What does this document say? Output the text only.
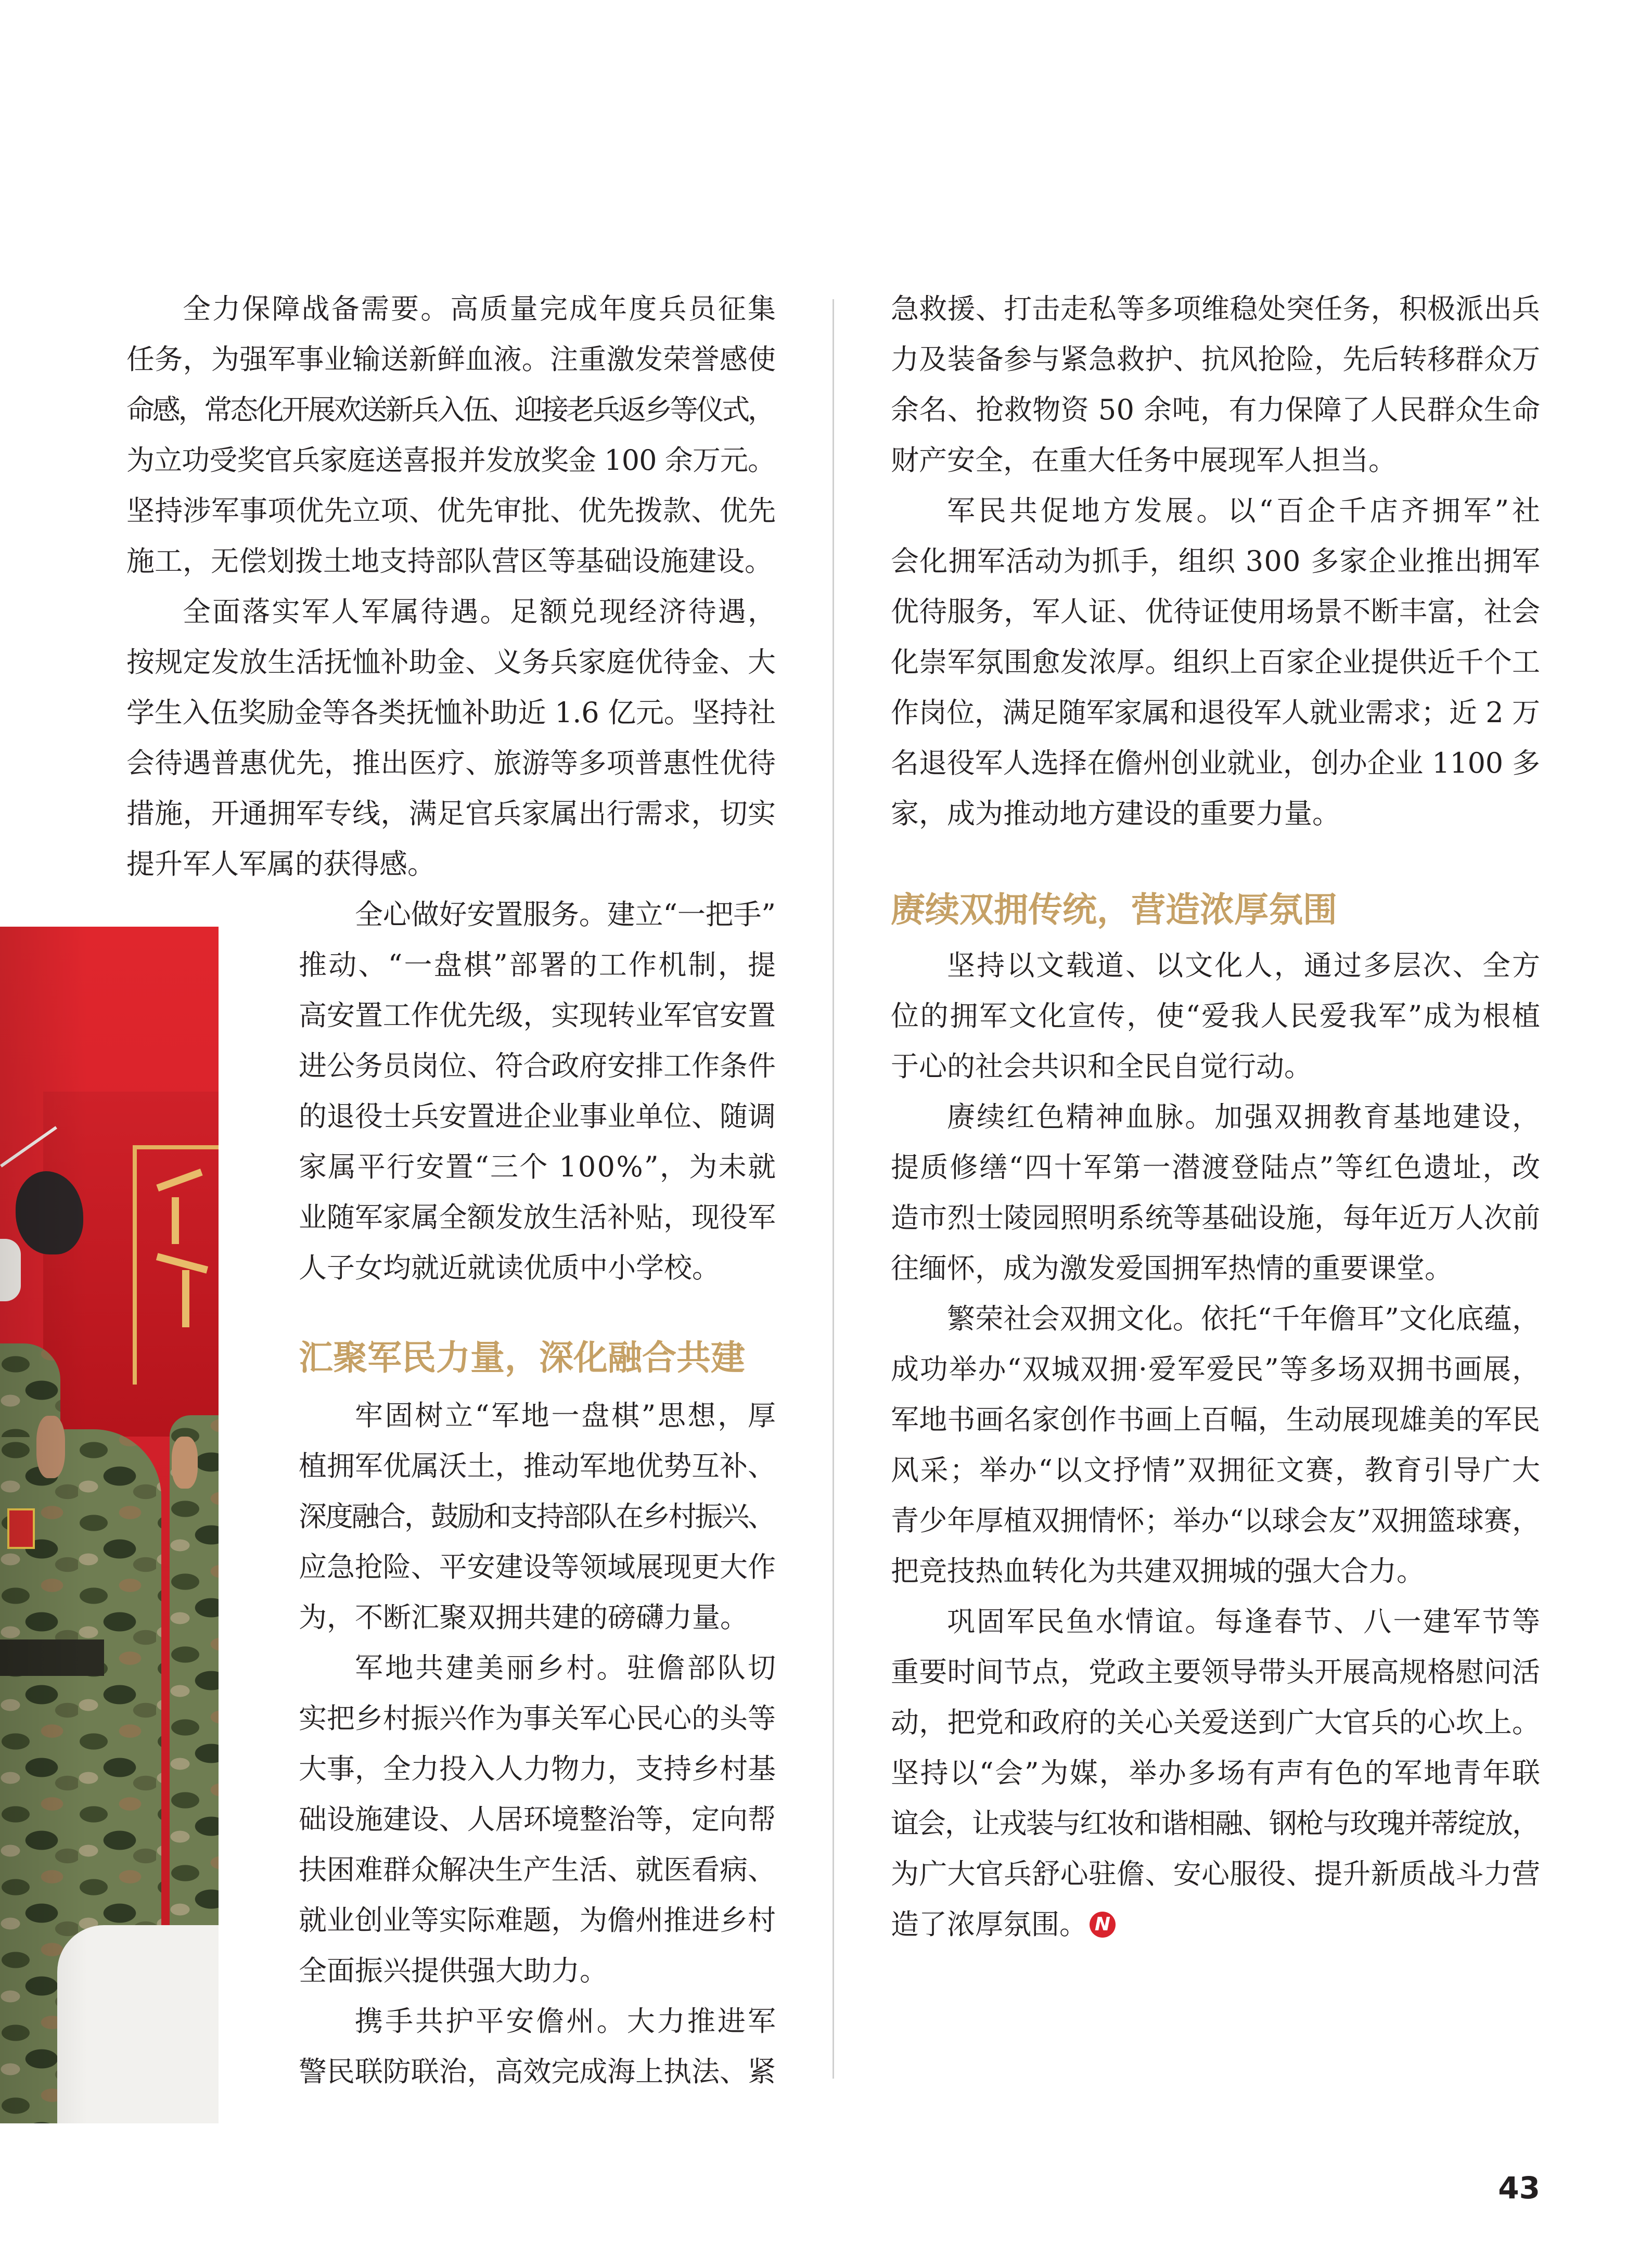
全力保障战备需要。高质量完成年度兵员征集
任务，为强军事业输送新鲜血液。注重激发荣誉感使
命感，常态化开展欢送新兵入伍、迎接老兵返乡等仪式，
为立功受奖官兵家庭送喜报并发放奖金 100 余万元。
坚持涉军事项优先立项、优先审批、优先拨款、优先
施工，无偿划拨土地支持部队营区等基础设施建设。
全面落实军人军属待遇。足额兑现经济待遇，
按规定发放生活抚恤补助金、义务兵家庭优待金、大
学生入伍奖励金等各类抚恤补助近 1.6 亿元。坚持社
会待遇普惠优先，推出医疗、旅游等多项普惠性优待
措施，开通拥军专线，满足官兵家属出行需求，切实
提升军人军属的获得感。
全心做好安置服务。建立“一把手”
推动、“一盘棋”部署的工作机制，提
高安置工作优先级，实现转业军官安置
进公务员岗位、符合政府安排工作条件
的退役士兵安置进企业事业单位、随调
家属平行安置“三个 100%”，为未就
业随军家属全额发放生活补贴，现役军
人子女均就近就读优质中小学校。
汇聚军民力量，深化融合共建
牢固树立“军地一盘棋”思想，厚
植拥军优属沃土，推动军地优势互补、
深度融合，鼓励和支持部队在乡村振兴、
应急抢险、平安建设等领域展现更大作
为，不断汇聚双拥共建的磅礴力量。
军地共建美丽乡村。驻儋部队切
实把乡村振兴作为事关军心民心的头等
大事，全力投入人力物力，支持乡村基
础设施建设、人居环境整治等，定向帮
扶困难群众解决生产生活、就医看病、
就业创业等实际难题，为儋州推进乡村
全面振兴提供强大助力。
携手共护平安儋州。大力推进军
警民联防联治，高效完成海上执法、紧
急救援、打击走私等多项维稳处突任务，积极派出兵
力及装备参与紧急救护、抗风抢险，先后转移群众万
余名、抢救物资 50 余吨，有力保障了人民群众生命
财产安全，在重大任务中展现军人担当。
军民共促地方发展。以“百企千店齐拥军”社
会化拥军活动为抓手，组织 300 多家企业推出拥军
优待服务，军人证、优待证使用场景不断丰富，社会
化崇军氛围愈发浓厚。组织上百家企业提供近千个工
作岗位，满足随军家属和退役军人就业需求；近 2 万
名退役军人选择在儋州创业就业，创办企业 1100 多
家，成为推动地方建设的重要力量。
赓续双拥传统，营造浓厚氛围
坚持以文载道、以文化人，通过多层次、全方
位的拥军文化宣传，使“爱我人民爱我军”成为根植
于心的社会共识和全民自觉行动。
赓续红色精神血脉。加强双拥教育基地建设，
提质修缮“四十军第一潜渡登陆点”等红色遗址，改
造市烈士陵园照明系统等基础设施，每年近万人次前
往缅怀，成为激发爱国拥军热情的重要课堂。
繁荣社会双拥文化。依托“千年儋耳”文化底蕴，
成功举办“双城双拥·爱军爱民”等多场双拥书画展，
军地书画名家创作书画上百幅，生动展现雄美的军民
风采；举办“以文抒情”双拥征文赛，教育引导广大
青少年厚植双拥情怀；举办“以球会友”双拥篮球赛，
把竞技热血转化为共建双拥城的强大合力。
巩固军民鱼水情谊。每逢春节、八一建军节等
重要时间节点，党政主要领导带头开展高规格慰问活
动，把党和政府的关心关爱送到广大官兵的心坎上。
坚持以“会”为媒，举办多场有声有色的军地青年联
谊会，让戎装与红妆和谐相融、钢枪与玫瑰并蒂绽放，
为广大官兵舒心驻儋、安心服役、提升新质战斗力营
造了浓厚氛围。 N
43
